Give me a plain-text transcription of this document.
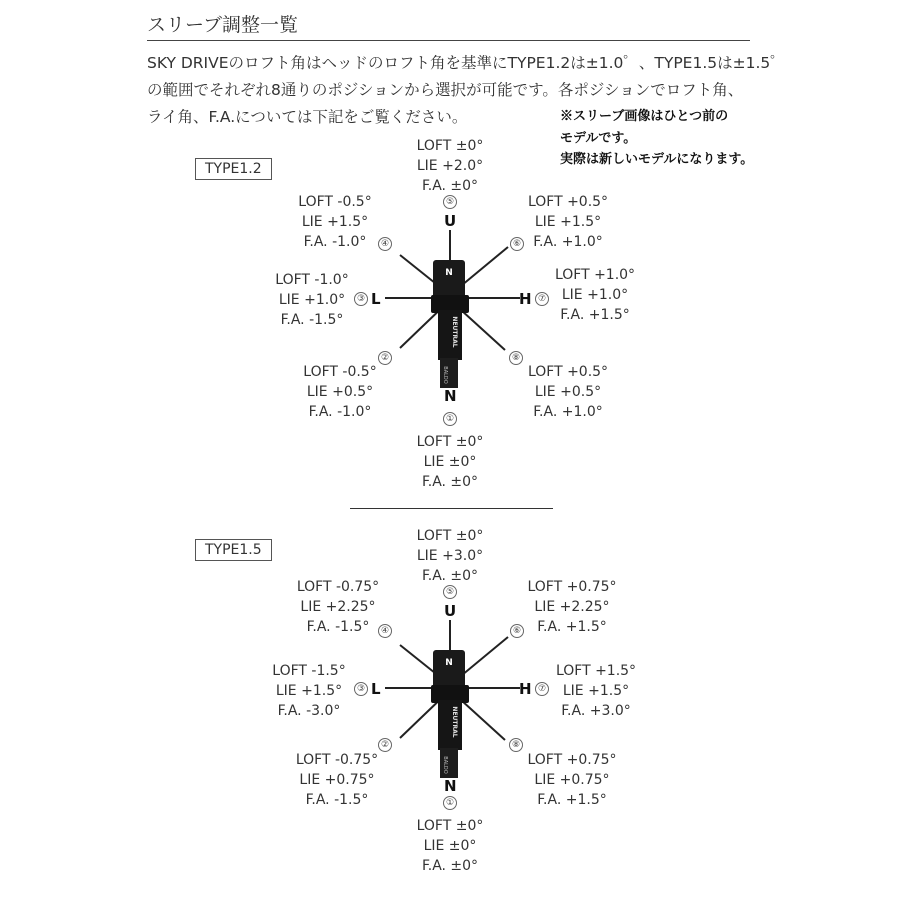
スリーブ調整一覧

SKY DRIVEのロフト角はヘッドのロフト角を基準にTYPE1.2は±1.0゜、TYPE1.5は±1.5゜

の範囲でそれぞれ8通りのポジションから選択が可能です。各ポジションでロフト角、

ライ角、F.A.については下記をご覧ください。	※スリーブ画像はひとつ前の

モデルです。

実際は新しいモデルになります。

TYPE1.2
N
NEUTRAL
BALDO
U
L	H
N
LOFT ±0°
LIE +2.0°
F.A. ±0°
⑤
LOFT -0.5°
LIE +1.5°
F.A. -1.0°	④
LOFT +0.5°
LIE +1.5°
F.A. +1.0°
⑥
LOFT -1.0°
LIE +1.0°
F.A. -1.5°
③
LOFT +1.0°
LIE +1.0°
F.A. +1.5°
⑦
LOFT -0.5°
LIE +0.5°
F.A. -1.0°
②
LOFT +0.5°
LIE +0.5°
F.A. +1.0°
⑧
①
LOFT ±0°
LIE ±0°
F.A. ±0°
TYPE1.5
N
NEUTRAL
BALDO
U
L	H
N
LOFT ±0°
LIE +3.0°
F.A. ±0°
⑤
LOFT -0.75°
LIE +2.25°
F.A. -1.5°	④
LOFT +0.75°
LIE +2.25°
F.A. +1.5°
⑥
LOFT -1.5°
LIE +1.5°
F.A. -3.0°
③
LOFT +1.5°
LIE +1.5°
F.A. +3.0°
⑦
LOFT -0.75°
LIE +0.75°
F.A. -1.5°
②
LOFT +0.75°
LIE +0.75°
F.A. +1.5°
⑧
①
LOFT ±0°
LIE ±0°
F.A. ±0°
